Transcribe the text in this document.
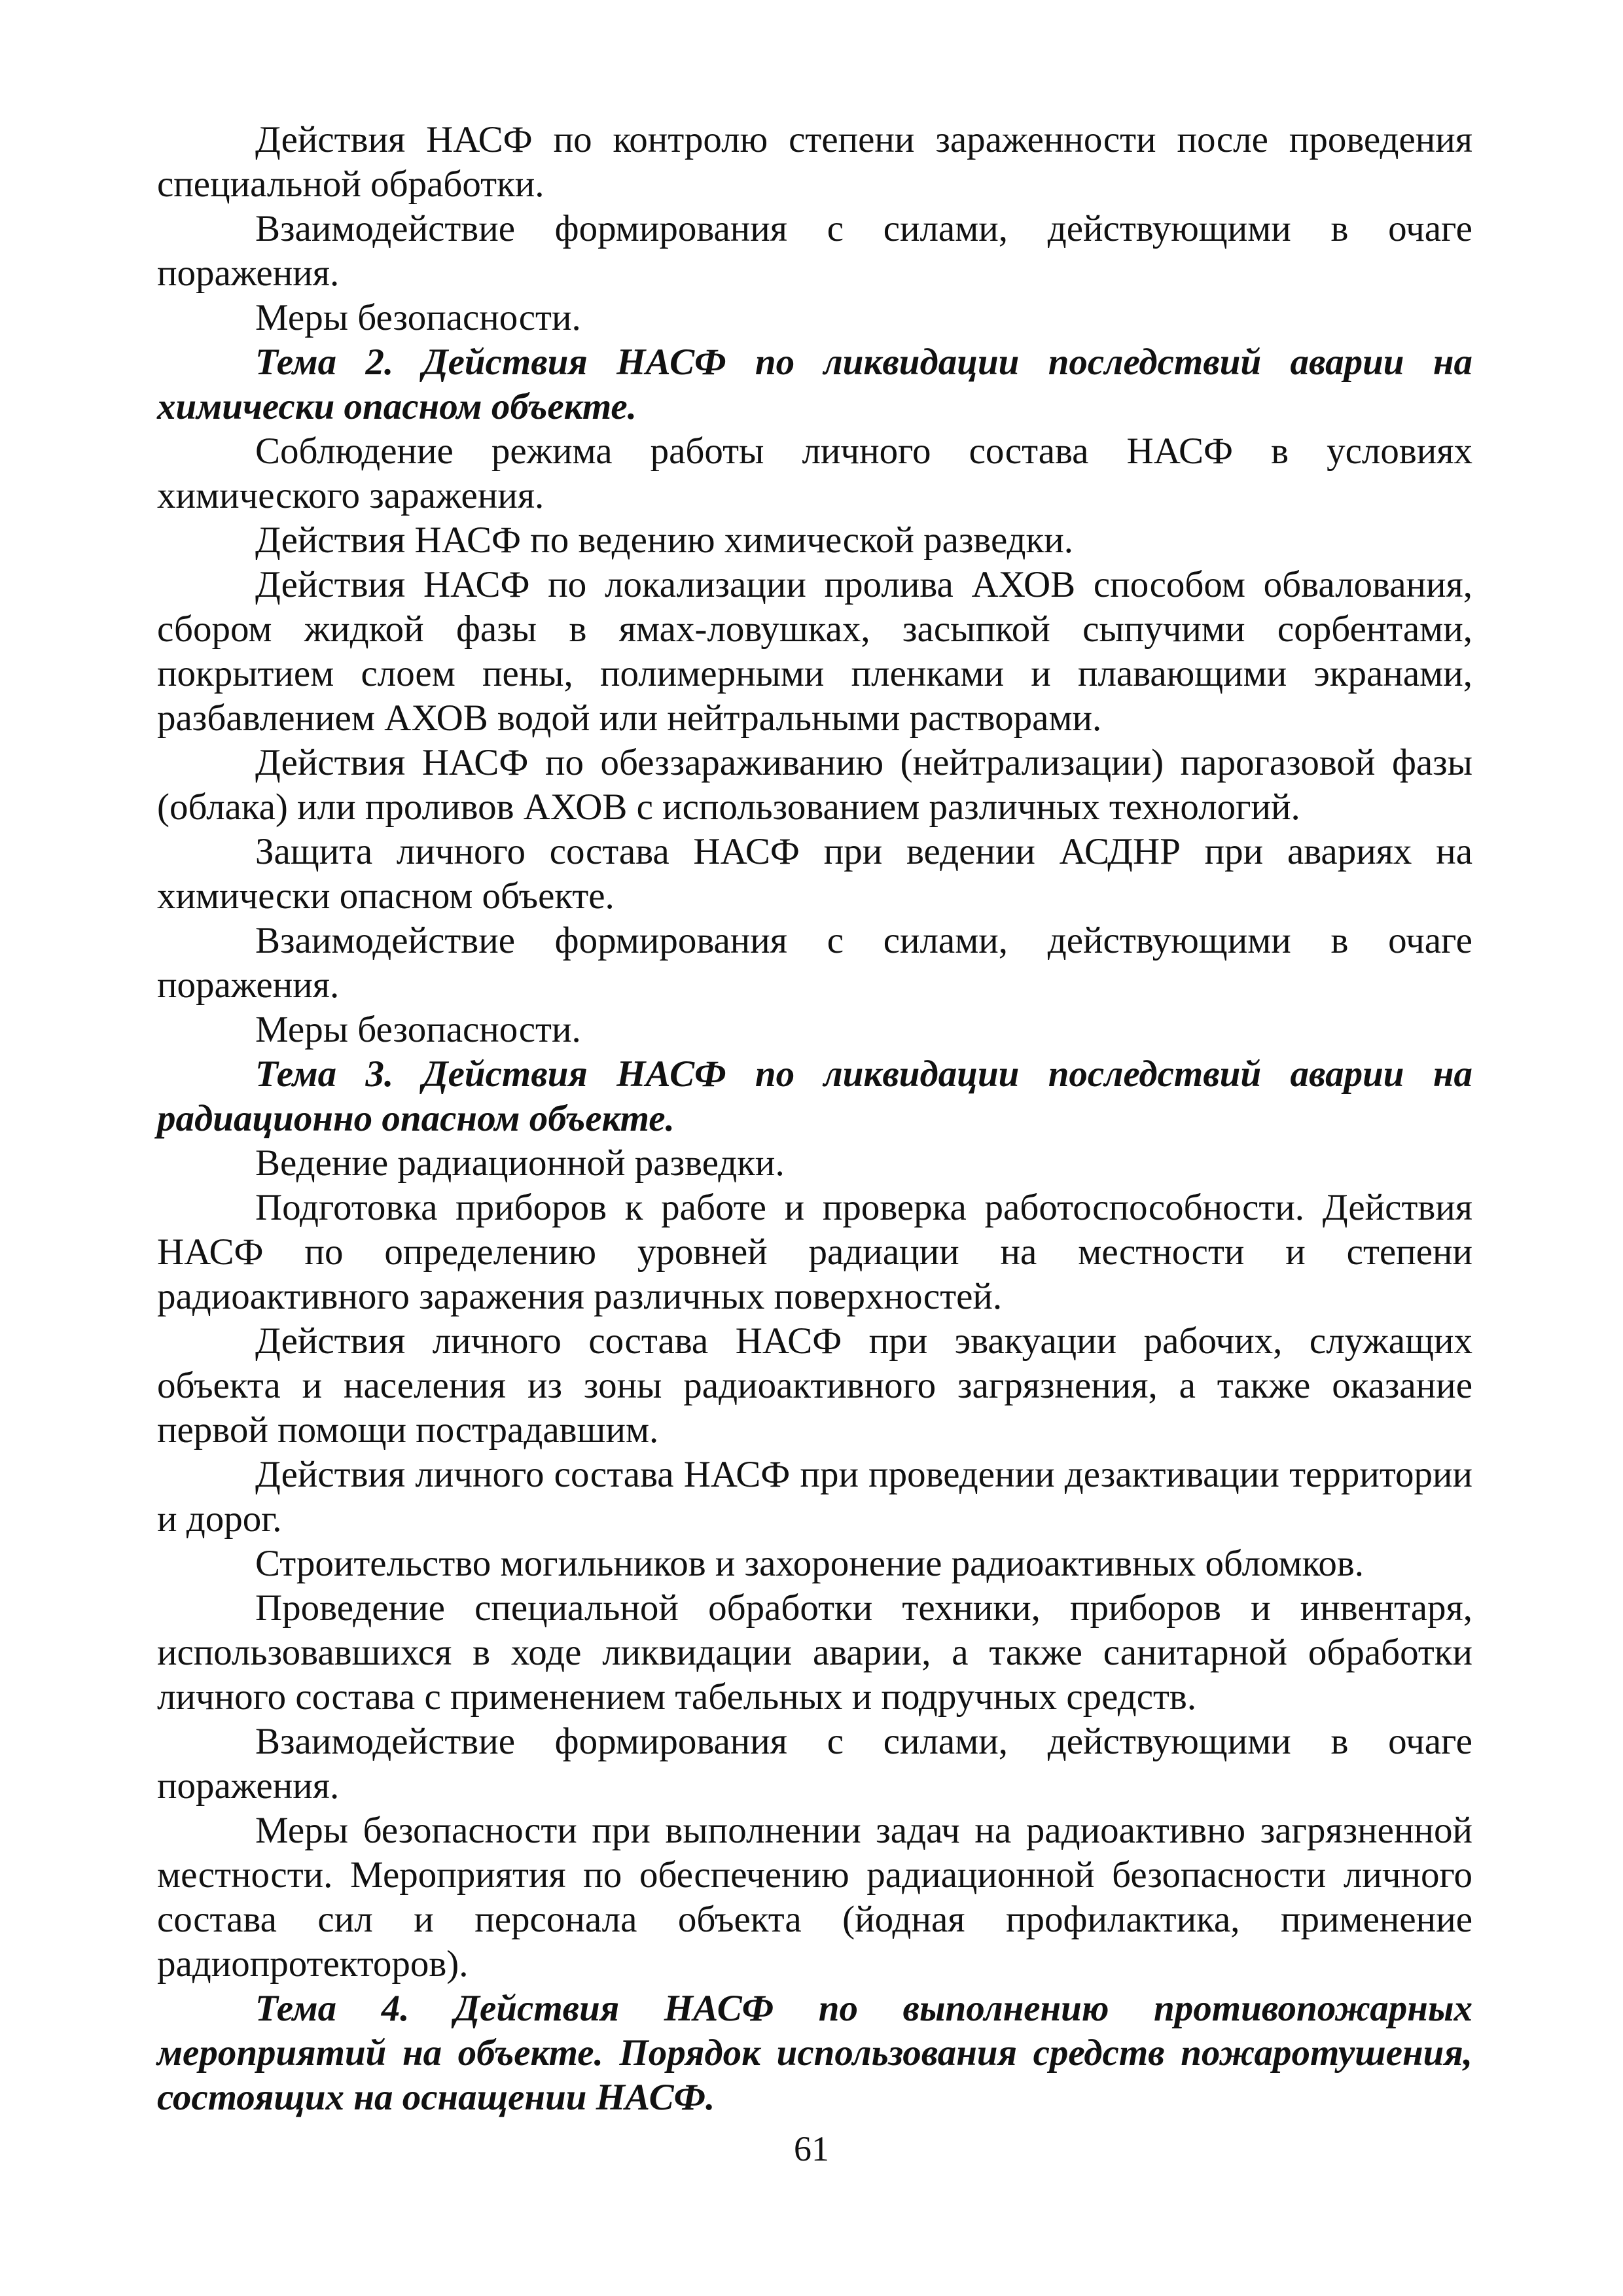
Действия НАСФ по контролю степени зараженности после проведения специальной обработки.

Взаимодействие формирования с силами, действующими в очаге поражения.

Меры безопасности.

Тема 2. Действия НАСФ по ликвидации последствий аварии на химически опасном объекте.

Соблюдение режима работы личного состава НАСФ в условиях химического заражения.

Действия НАСФ по ведению химической разведки.

Действия НАСФ по локализации пролива АХОВ способом обвалования, сбором жидкой фазы в ямах-ловушках, засыпкой сыпучими сорбентами, покрытием слоем пены, полимерными пленками и плавающими экранами, разбавлением АХОВ водой или нейтральными растворами.

Действия НАСФ по обеззараживанию (нейтрализации) парогазовой фазы (облака) или проливов АХОВ с использованием различных технологий.

Защита личного состава НАСФ при ведении АСДНР при авариях на химически опасном объекте.

Взаимодействие формирования с силами, действующими в очаге поражения.

Меры безопасности.

Тема 3. Действия НАСФ по ликвидации последствий аварии на радиационно опасном объекте.

Ведение радиационной разведки.

Подготовка приборов к работе и проверка работоспособности. Действия НАСФ по определению уровней радиации на местности и степени радиоактивного заражения различных поверхностей.

Действия личного состава НАСФ при эвакуации рабочих, служащих объекта и населения из зоны радиоактивного загрязнения, а также оказание первой помощи пострадавшим.

Действия личного состава НАСФ при проведении дезактивации территории и дорог.

Строительство могильников и захоронение радиоактивных обломков.

Проведение специальной обработки техники, приборов и инвентаря, использовавшихся в ходе ликвидации аварии, а также санитарной обработки личного состава с применением табельных и подручных средств.

Взаимодействие формирования с силами, действующими в очаге поражения.

Меры безопасности при выполнении задач на радиоактивно загрязненной местности. Мероприятия по обеспечению радиационной безопасности личного состава сил и персонала объекта (йодная профилактика, применение радиопротекторов).

Тема 4. Действия НАСФ по выполнению противопожарных мероприятий на объекте. Порядок использования средств пожаротушения, состоящих на оснащении НАСФ.

61
